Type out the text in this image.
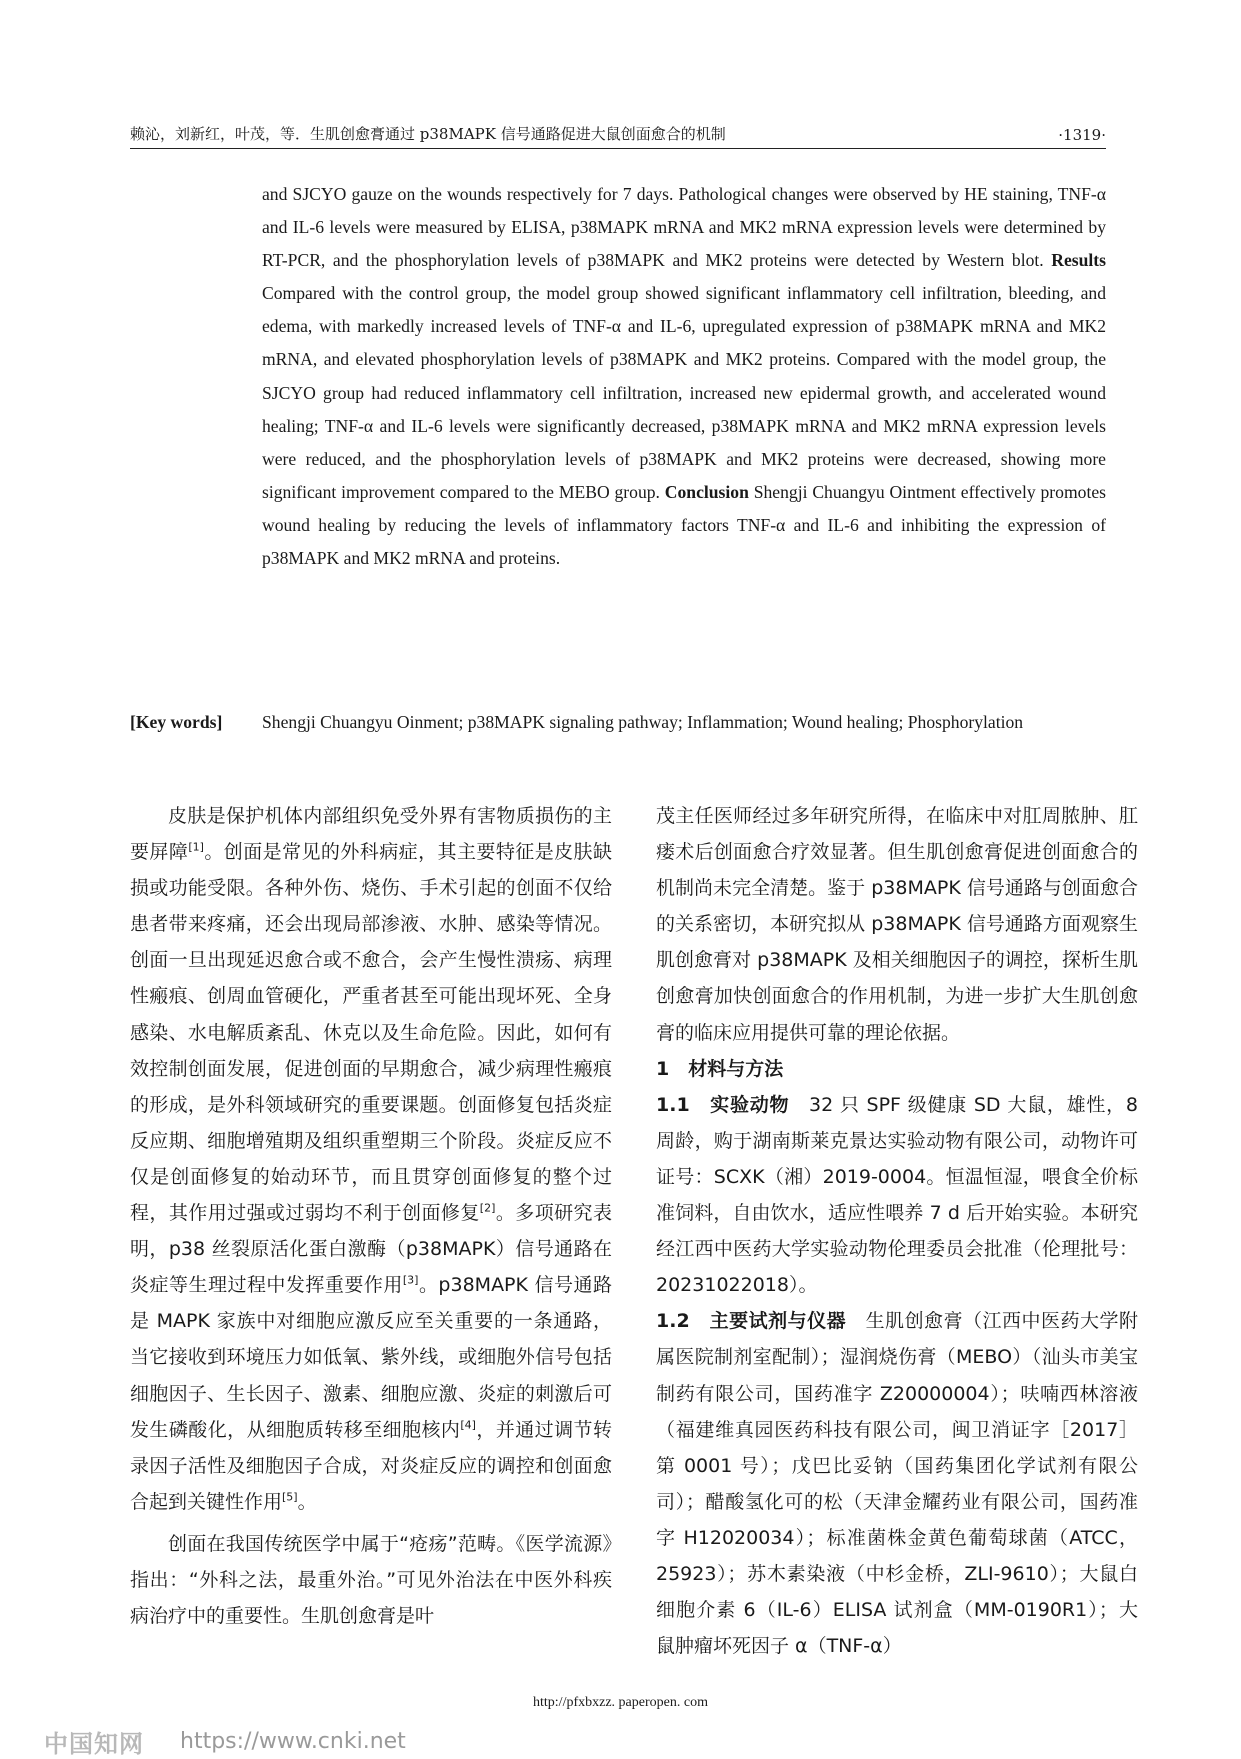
赖沁，刘新红，叶茂，等．生肌创愈膏通过 p38MAPK 信号通路促进大鼠创面愈合的机制	·1319·

and SJCYO gauze on the wounds respectively for 7 days. Pathological changes were observed by HE staining, TNF-α and IL-6 levels were measured by ELISA, p38MAPK mRNA and MK2 mRNA expression levels were determined by RT-PCR, and the phosphorylation levels of p38MAPK and MK2 proteins were detected by Western blot. Results Compared with the control group, the model group showed significant inflammatory cell infiltration, bleeding, and edema, with markedly increased levels of TNF-α and IL-6, upregulated expression of p38MAPK mRNA and MK2 mRNA, and elevated phosphorylation levels of p38MAPK and MK2 proteins. Compared with the model group, the SJCYO group had reduced inflammatory cell infiltration, increased new epidermal growth, and accelerated wound healing; TNF-α and IL-6 levels were significantly decreased, p38MAPK mRNA and MK2 mRNA expression levels were reduced, and the phosphorylation levels of p38MAPK and MK2 proteins were decreased, showing more significant improvement compared to the MEBO group. Conclusion Shengji Chuangyu Ointment effectively promotes wound healing by reducing the levels of inflammatory factors TNF-α and IL-6 and inhibiting the expression of p38MAPK and MK2 mRNA and proteins.

[Key words]	Shengji Chuangyu Oinment; p38MAPK signaling pathway; Inflammation; Wound healing; Phosphorylation

皮肤是保护机体内部组织免受外界有害物质损伤的主要屏障[1]。创面是常见的外科病症，其主要特征是皮肤缺损或功能受限。各种外伤、烧伤、手术引起的创面不仅给患者带来疼痛，还会出现局部渗液、水肿、感染等情况。创面一旦出现延迟愈合或不愈合，会产生慢性溃疡、病理性瘢痕、创周血管硬化，严重者甚至可能出现坏死、全身感染、水电解质紊乱、休克以及生命危险。因此，如何有效控制创面发展，促进创面的早期愈合，减少病理性瘢痕的形成，是外科领域研究的重要课题。创面修复包括炎症反应期、细胞增殖期及组织重塑期三个阶段。炎症反应不仅是创面修复的始动环节，而且贯穿创面修复的整个过程，其作用过强或过弱均不利于创面修复[2]。多项研究表明，p38 丝裂原活化蛋白激酶（p38MAPK）信号通路在炎症等生理过程中发挥重要作用[3]。p38MAPK 信号通路是 MAPK 家族中对细胞应激反应至关重要的一条通路，当它接收到环境压力如低氧、紫外线，或细胞外信号包括细胞因子、生长因子、激素、细胞应激、炎症的刺激后可发生磷酸化，从细胞质转移至细胞核内[4]，并通过调节转录因子活性及细胞因子合成，对炎症反应的调控和创面愈合起到关键性作用[5]。

创面在我国传统医学中属于“疮疡”范畴。《医学流源》指出：“外科之法，最重外治。”可见外治法在中医外科疾病治疗中的重要性。生肌创愈膏是叶

茂主任医师经过多年研究所得，在临床中对肛周脓肿、肛瘘术后创面愈合疗效显著。但生肌创愈膏促进创面愈合的机制尚未完全清楚。鉴于 p38MAPK 信号通路与创面愈合的关系密切，本研究拟从 p38MAPK 信号通路方面观察生肌创愈膏对 p38MAPK 及相关细胞因子的调控，探析生肌创愈膏加快创面愈合的作用机制，为进一步扩大生肌创愈膏的临床应用提供可靠的理论依据。

1　材料与方法

1.1　实验动物　32 只 SPF 级健康 SD 大鼠，雄性，8 周龄，购于湖南斯莱克景达实验动物有限公司，动物许可证号：SCXK（湘）2019-0004。恒温恒湿，喂食全价标准饲料，自由饮水，适应性喂养 7 d 后开始实验。本研究经江西中医药大学实验动物伦理委员会批准（伦理批号：20231022018）。

1.2　主要试剂与仪器　生肌创愈膏（江西中医药大学附属医院制剂室配制）；湿润烧伤膏（MEBO）（汕头市美宝制药有限公司，国药准字 Z20000004）；呋喃西林溶液（福建维真园医药科技有限公司，闽卫消证字［2017］第 0001 号）；戊巴比妥钠（国药集团化学试剂有限公司）；醋酸氢化可的松（天津金耀药业有限公司，国药准字 H12020034）；标准菌株金黄色葡萄球菌（ATCC，25923）；苏木素染液（中杉金桥，ZLI-9610）；大鼠白细胞介素 6（IL-6）ELISA 试剂盒（MM-0190R1）；大鼠肿瘤坏死因子 α（TNF-α）

http://pfxbxzz. paperopen. com
中国知网 https://www.cnki.net
